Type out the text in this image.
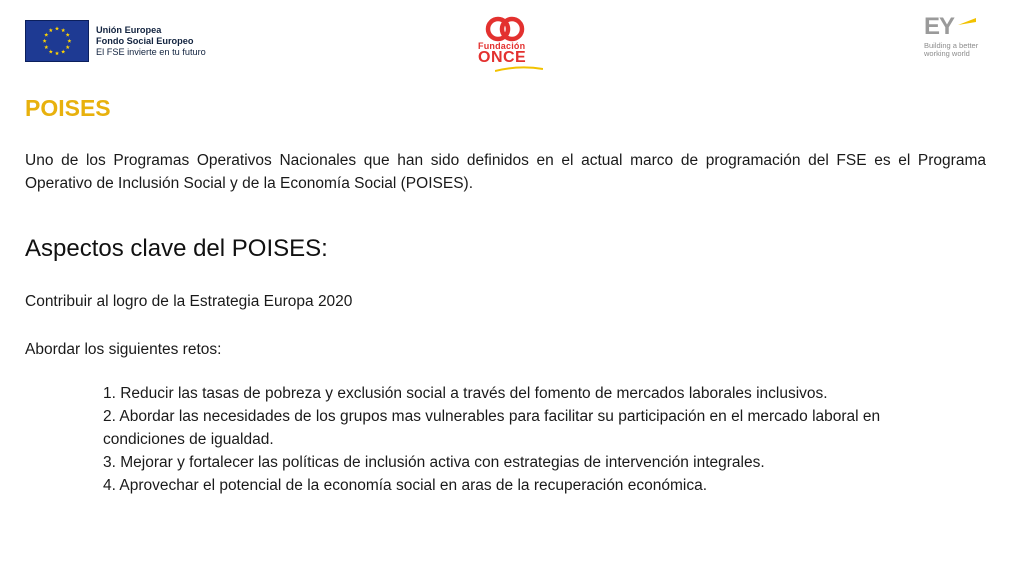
Unión Europea
Fondo Social Europeo
El FSE invierte en tu futuro
Fundación
ONCE
EY
Building a better
working world
POISES

Uno de los Programas Operativos Nacionales que han sido definidos en el actual marco de programación del FSE es el Programa Operativo de Inclusión Social y de la Economía Social (POISES).

Aspectos clave del POISES:

Contribuir al logro de la Estrategia Europa 2020

Abordar los siguientes retos:

1. Reducir las tasas de pobreza y exclusión social a través del fomento de mercados laborales inclusivos.
2. Abordar las necesidades de los grupos mas vulnerables para facilitar su participación en el mercado laboral en condiciones de igualdad.
3. Mejorar y fortalecer las políticas de inclusión activa con estrategias de intervención integrales.
4. Aprovechar el potencial de la economía social en aras de la recuperación económica.
